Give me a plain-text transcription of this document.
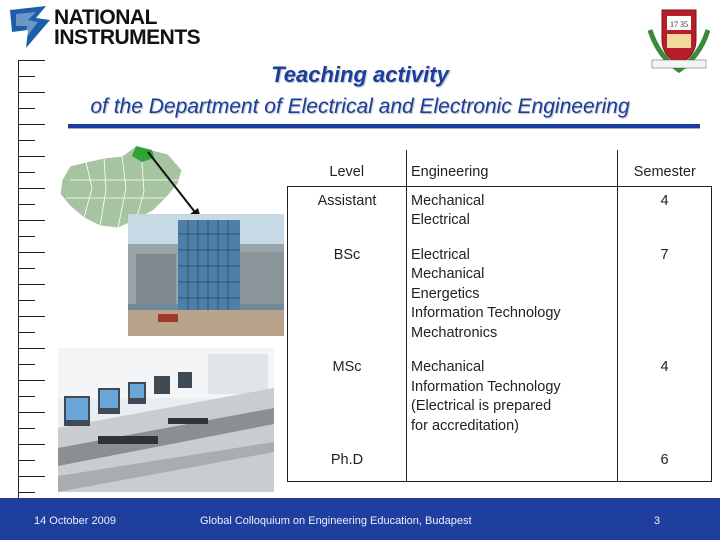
NATIONAL
INSTRUMENTS
17 35
Teaching activity
of the Department of Electrical and Electronic Engineering
Level	Engineering	Semester
Assistant	Mechanical
Electrical	4
BSc	Electrical
Mechanical
Energetics
Information Technology
Mechatronics	7
MSc	Mechanical
Information Technology
(Electrical is prepared
for accreditation)	4
Ph.D		6
14 October 2009	Global Colloquium on Engineering Education, Budapest	3
